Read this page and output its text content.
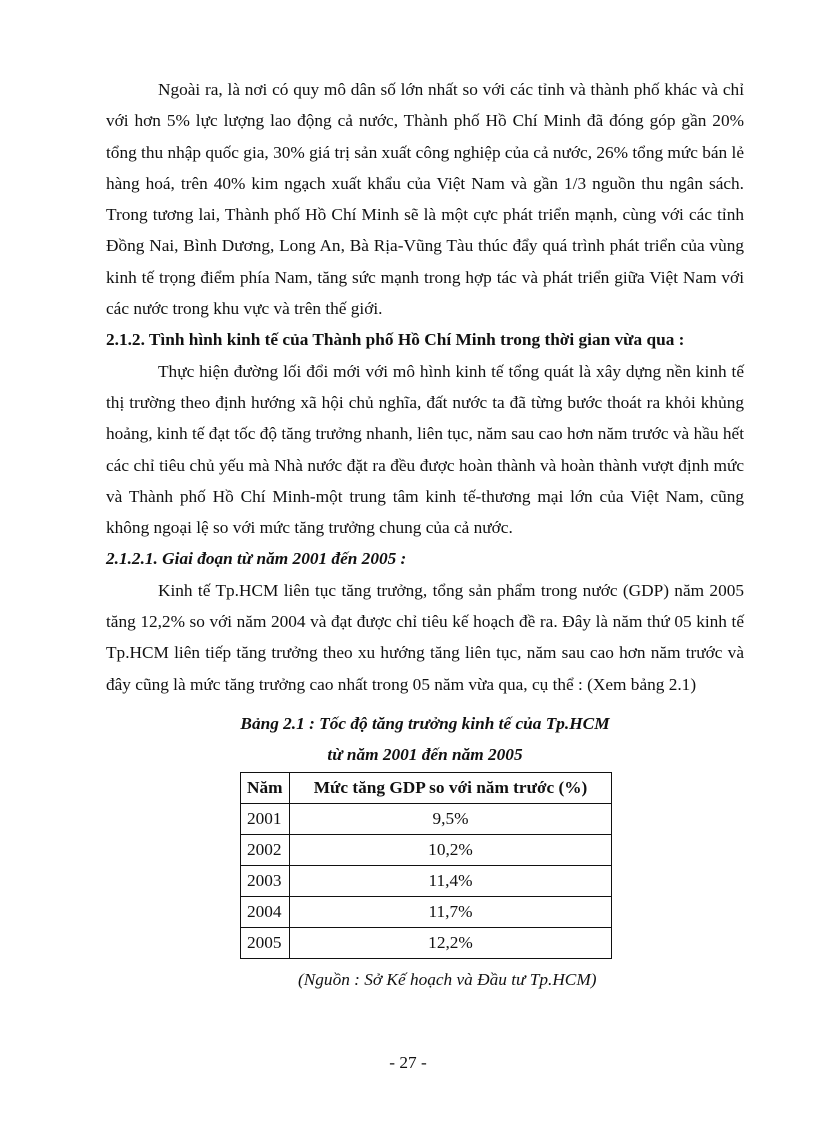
Ngoài ra, là nơi có quy mô dân số lớn nhất so với các tỉnh và thành phố khác và chỉ với hơn 5% lực lượng lao động cả nước, Thành phố Hồ Chí Minh đã đóng góp gần 20% tổng thu nhập quốc gia, 30% giá trị sản xuất công nghiệp của cả nước, 26% tổng mức bán lẻ hàng hoá, trên 40% kim ngạch xuất khẩu của Việt Nam và gần 1/3 nguồn thu ngân sách. Trong tương lai, Thành phố Hồ Chí Minh sẽ là một cực phát triển mạnh, cùng với các tỉnh Đồng Nai, Bình Dương, Long An, Bà Rịa-Vũng Tàu thúc đẩy quá trình phát triển của vùng kinh tế trọng điểm phía Nam, tăng sức mạnh trong hợp tác và phát triển giữa Việt Nam với các nước trong khu vực và trên thế giới.

2.1.2. Tình hình kinh tế của Thành phố Hồ Chí Minh trong thời gian vừa qua :

Thực hiện đường lối đổi mới với mô hình kinh tế tổng quát là xây dựng nền kinh tế thị trường theo định hướng xã hội chủ nghĩa, đất nước ta đã từng bước thoát ra khỏi khủng hoảng, kinh tế đạt tốc độ tăng trưởng nhanh, liên tục, năm sau cao hơn năm trước và hầu hết các chỉ tiêu chủ yếu mà Nhà nước đặt ra đều được hoàn thành và hoàn thành vượt định mức và Thành phố Hồ Chí Minh-một trung tâm kinh tế-thương mại lớn của Việt Nam, cũng không ngoại lệ so với mức tăng trưởng chung của cả nước.

2.1.2.1. Giai đoạn từ năm 2001 đến 2005 :

Kinh tế Tp.HCM liên tục tăng trưởng, tổng sản phẩm trong nước (GDP) năm 2005 tăng 12,2% so với năm 2004 và đạt được chỉ tiêu kế hoạch đề ra. Đây là năm thứ 05 kinh tế Tp.HCM liên tiếp tăng trưởng theo xu hướng tăng liên tục, năm sau cao hơn năm trước và đây cũng là mức tăng trưởng cao nhất trong 05 năm vừa qua, cụ thể : (Xem bảng 2.1)

Bảng 2.1 : Tốc độ tăng trưởng kinh tế của Tp.HCM

từ năm 2001 đến năm 2005

Năm	Mức tăng GDP so với năm trước (%)
2001	9,5%
2002	10,2%
2003	11,4%
2004	11,7%
2005	12,2%
(Nguồn : Sở Kế hoạch và Đầu tư Tp.HCM)
- 27 -
